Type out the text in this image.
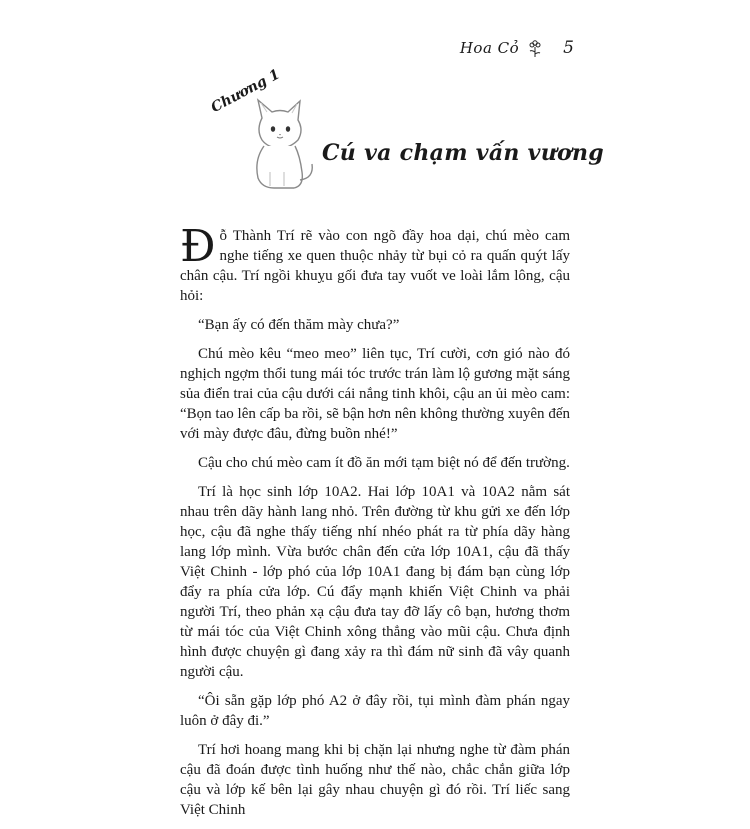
Hoa Cỏ	5
Chương 1
Cú va chạm vấn vương

Đỗ Thành Trí rẽ vào con ngõ đầy hoa dại, chú mèo cam nghe tiếng xe quen thuộc nhảy từ bụi cỏ ra quấn quýt lấy chân cậu. Trí ngồi khuỵu gối đưa tay vuốt ve loài lắm lông, cậu hỏi:

“Bạn ấy có đến thăm mày chưa?”

Chú mèo kêu “meo meo” liên tục, Trí cười, cơn gió nào đó nghịch ngợm thổi tung mái tóc trước trán làm lộ gương mặt sáng sủa điển trai của cậu dưới cái nắng tinh khôi, cậu an ủi mèo cam: “Bọn tao lên cấp ba rồi, sẽ bận hơn nên không thường xuyên đến với mày được đâu, đừng buồn nhé!”

Cậu cho chú mèo cam ít đồ ăn mới tạm biệt nó để đến trường.

Trí là học sinh lớp 10A2. Hai lớp 10A1 và 10A2 nằm sát nhau trên dãy hành lang nhỏ. Trên đường từ khu gửi xe đến lớp học, cậu đã nghe thấy tiếng nhí nhéo phát ra từ phía dãy hàng lang lớp mình. Vừa bước chân đến cửa lớp 10A1, cậu đã thấy Việt Chinh - lớp phó của lớp 10A1 đang bị đám bạn cùng lớp đẩy ra phía cửa lớp. Cú đẩy mạnh khiến Việt Chinh va phải người Trí, theo phản xạ cậu đưa tay đỡ lấy cô bạn, hương thơm từ mái tóc của Việt Chinh xông thẳng vào mũi cậu. Chưa định hình được chuyện gì đang xảy ra thì đám nữ sinh đã vây quanh người cậu.

“Ôi sẵn gặp lớp phó A2 ở đây rồi, tụi mình đàm phán ngay luôn ở đây đi.”

Trí hơi hoang mang khi bị chặn lại nhưng nghe từ đàm phán cậu đã đoán được tình huống như thế nào, chắc chắn giữa lớp cậu và lớp kế bên lại gây nhau chuyện gì đó rồi. Trí liếc sang Việt Chinh
